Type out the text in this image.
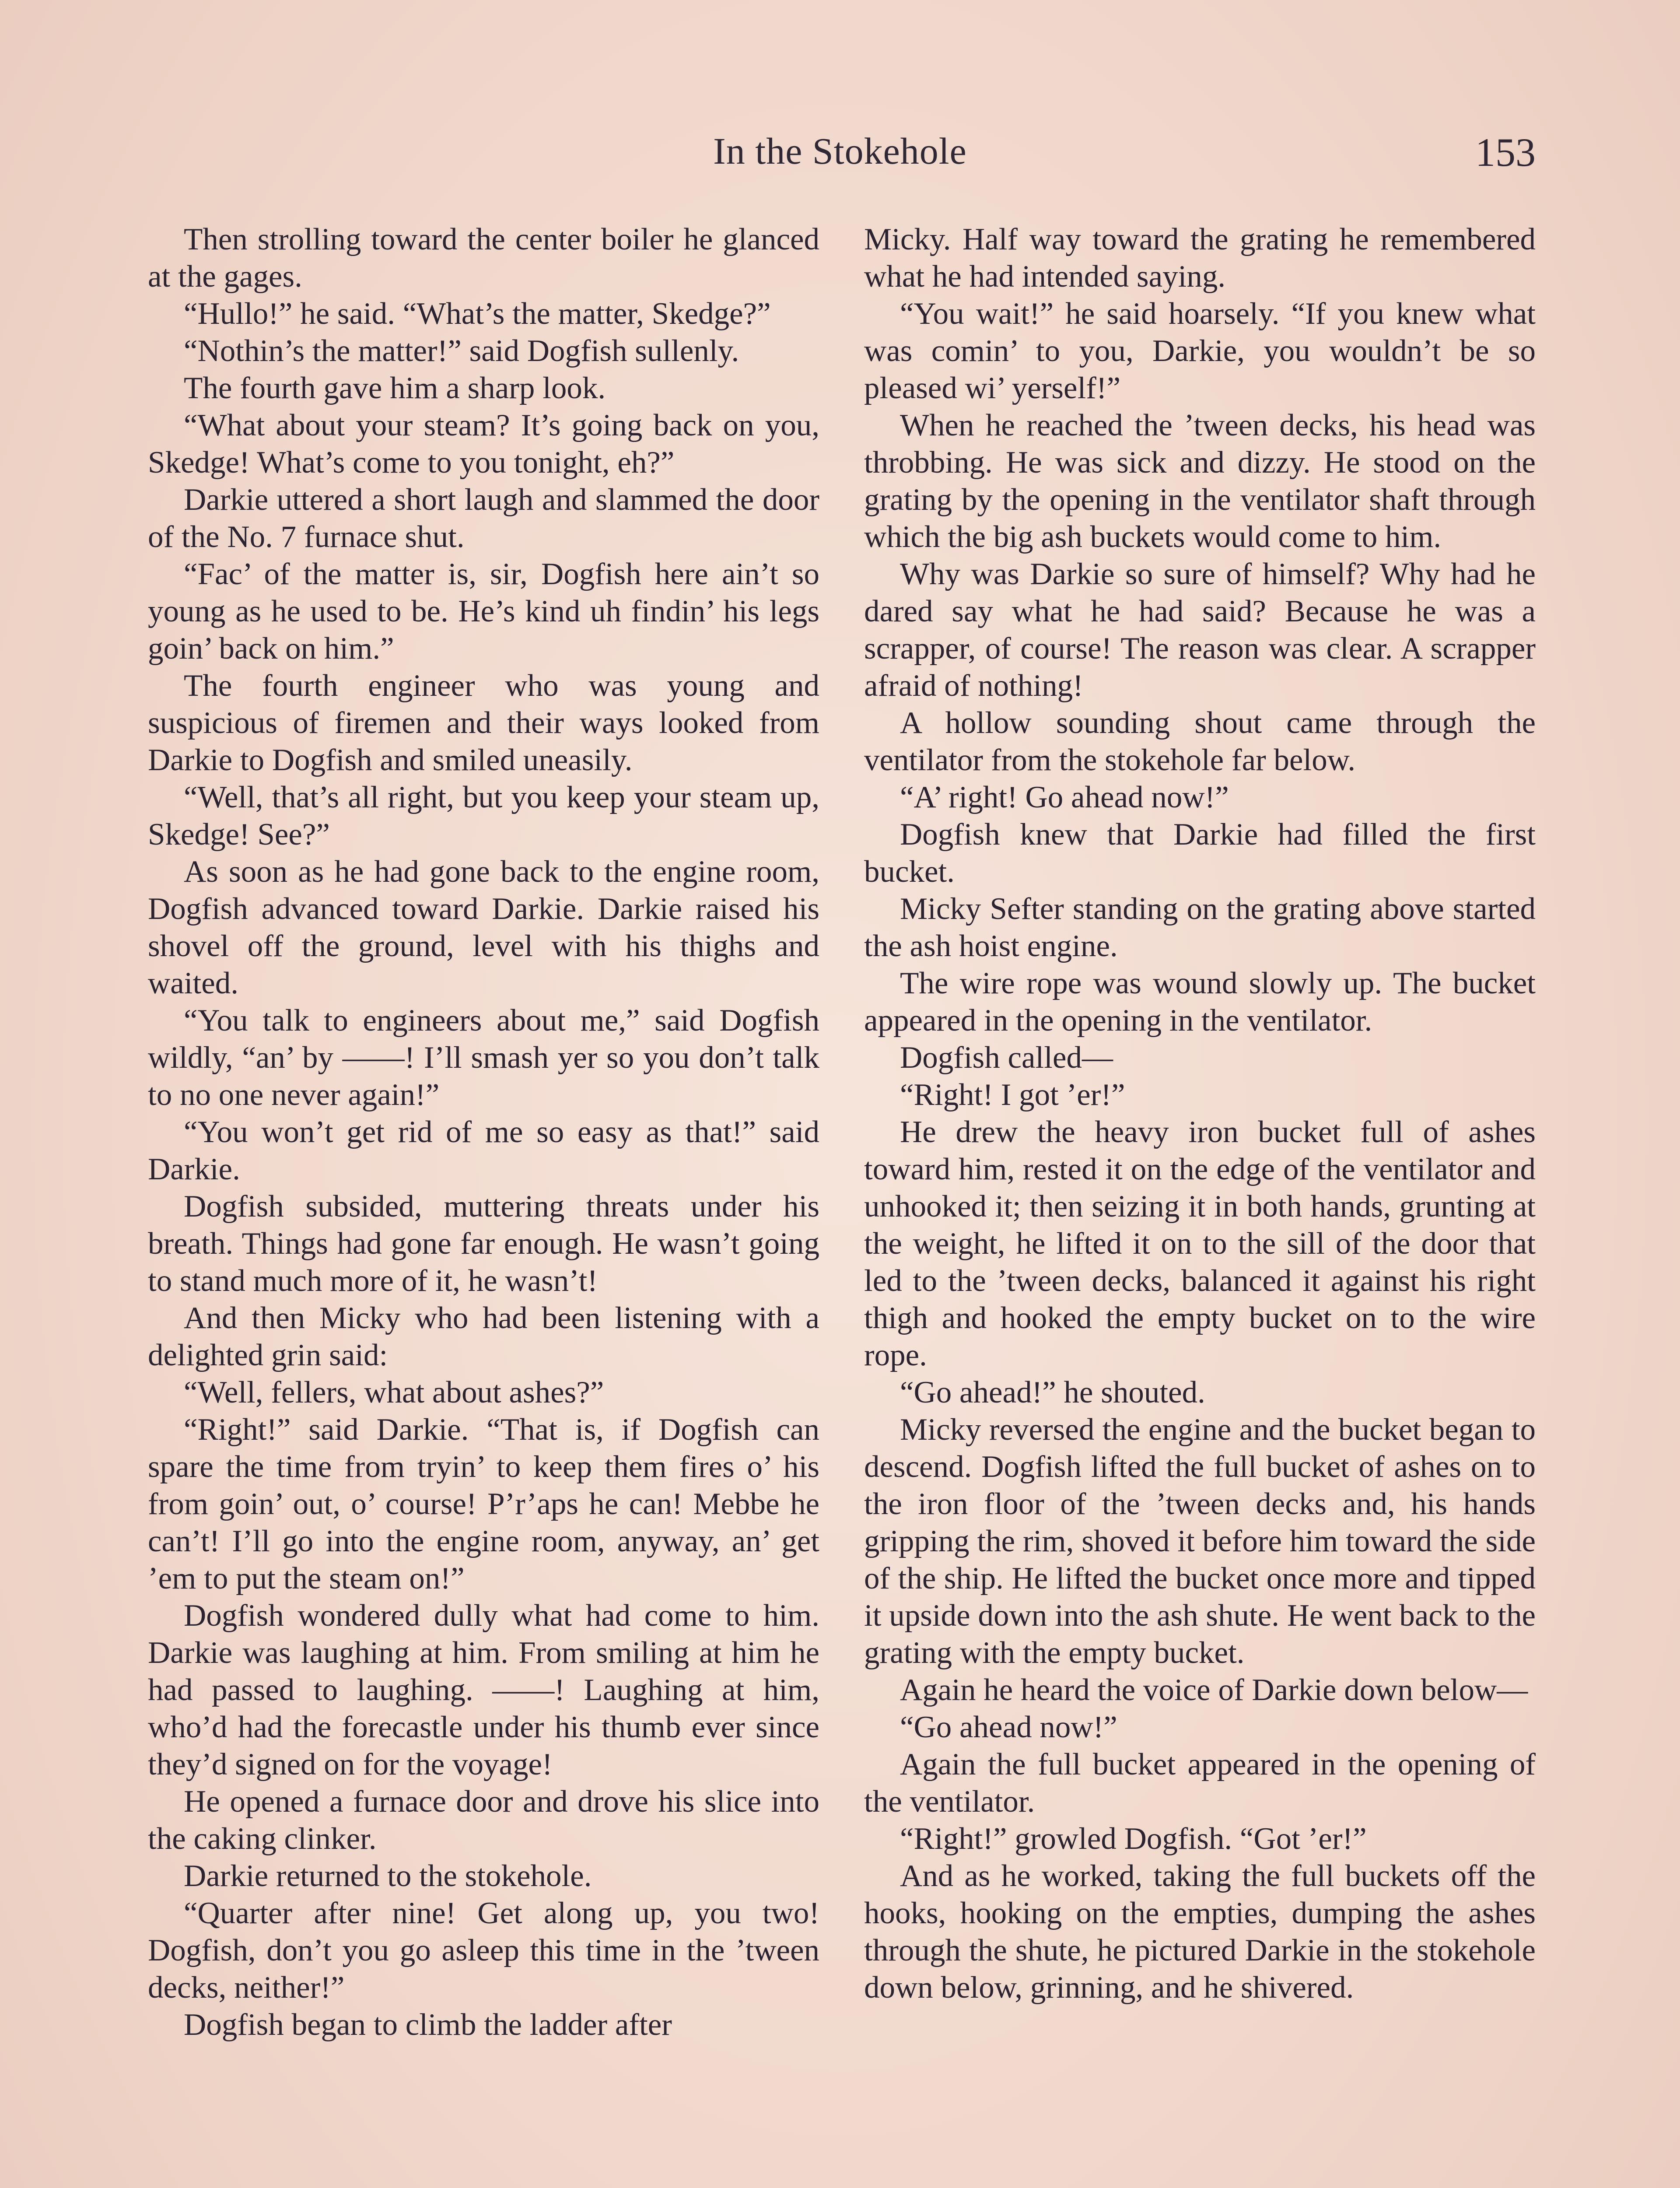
In the Stokehole	153

Then strolling toward the center boiler he glanced at the gages.

“Hullo!” he said. “What’s the matter, Skedge?”

“Nothin’s the matter!” said Dogfish sullenly.

The fourth gave him a sharp look.

“What about your steam? It’s going back on you, Skedge! What’s come to you tonight, eh?”

Darkie uttered a short laugh and slammed the door of the No. 7 furnace shut.

“Fac’ of the matter is, sir, Dogfish here ain’t so young as he used to be. He’s kind uh findin’ his legs goin’ back on him.”

The fourth engineer who was young and suspicious of firemen and their ways looked from Darkie to Dogfish and smiled uneasily.

“Well, that’s all right, but you keep your steam up, Skedge! See?”

As soon as he had gone back to the engine room, Dogfish advanced toward Darkie. Darkie raised his shovel off the ground, level with his thighs and waited.

“You talk to engineers about me,” said Dogfish wildly, “an’ by ——! I’ll smash yer so you don’t talk to no one never again!”

“You won’t get rid of me so easy as that!” said Darkie.

Dogfish subsided, muttering threats under his breath. Things had gone far enough. He wasn’t going to stand much more of it, he wasn’t!

And then Micky who had been listening with a delighted grin said:

“Well, fellers, what about ashes?”

“Right!” said Darkie. “That is, if Dogfish can spare the time from tryin’ to keep them fires o’ his from goin’ out, o’ course! P’r’aps he can! Mebbe he can’t! I’ll go into the engine room, anyway, an’ get ’em to put the steam on!”

Dogfish wondered dully what had come to him. Darkie was laughing at him. From smiling at him he had passed to laughing. ——! Laughing at him, who’d had the forecastle under his thumb ever since they’d signed on for the voyage!

He opened a furnace door and drove his slice into the caking clinker.

Darkie returned to the stokehole.

“Quarter after nine! Get along up, you two! Dogfish, don’t you go asleep this time in the ’tween decks, neither!”

Dogfish began to climb the ladder after

Micky. Half way toward the grating he remembered what he had intended saying.

“You wait!” he said hoarsely. “If you knew what was comin’ to you, Darkie, you wouldn’t be so pleased wi’ yerself!”

When he reached the ’tween decks, his head was throbbing. He was sick and dizzy. He stood on the grating by the opening in the ventilator shaft through which the big ash buckets would come to him.

Why was Darkie so sure of himself? Why had he dared say what he had said? Because he was a scrapper, of course! The reason was clear. A scrapper afraid of nothing!

A hollow sounding shout came through the ventilator from the stokehole far below.

“A’ right! Go ahead now!”

Dogfish knew that Darkie had filled the first bucket.

Micky Sefter standing on the grating above started the ash hoist engine.

The wire rope was wound slowly up. The bucket appeared in the opening in the ventilator.

Dogfish called—

“Right! I got ’er!”

He drew the heavy iron bucket full of ashes toward him, rested it on the edge of the ventilator and unhooked it; then seizing it in both hands, grunting at the weight, he lifted it on to the sill of the door that led to the ’tween decks, balanced it against his right thigh and hooked the empty bucket on to the wire rope.

“Go ahead!” he shouted.

Micky reversed the engine and the bucket began to descend. Dogfish lifted the full bucket of ashes on to the iron floor of the ’tween decks and, his hands gripping the rim, shoved it before him toward the side of the ship. He lifted the bucket once more and tipped it upside down into the ash shute. He went back to the grating with the empty bucket.

Again he heard the voice of Darkie down below—

“Go ahead now!”

Again the full bucket appeared in the opening of the ventilator.

“Right!” growled Dogfish. “Got ’er!”

And as he worked, taking the full buckets off the hooks, hooking on the empties, dumping the ashes through the shute, he pictured Darkie in the stokehole down below, grinning, and he shivered.
